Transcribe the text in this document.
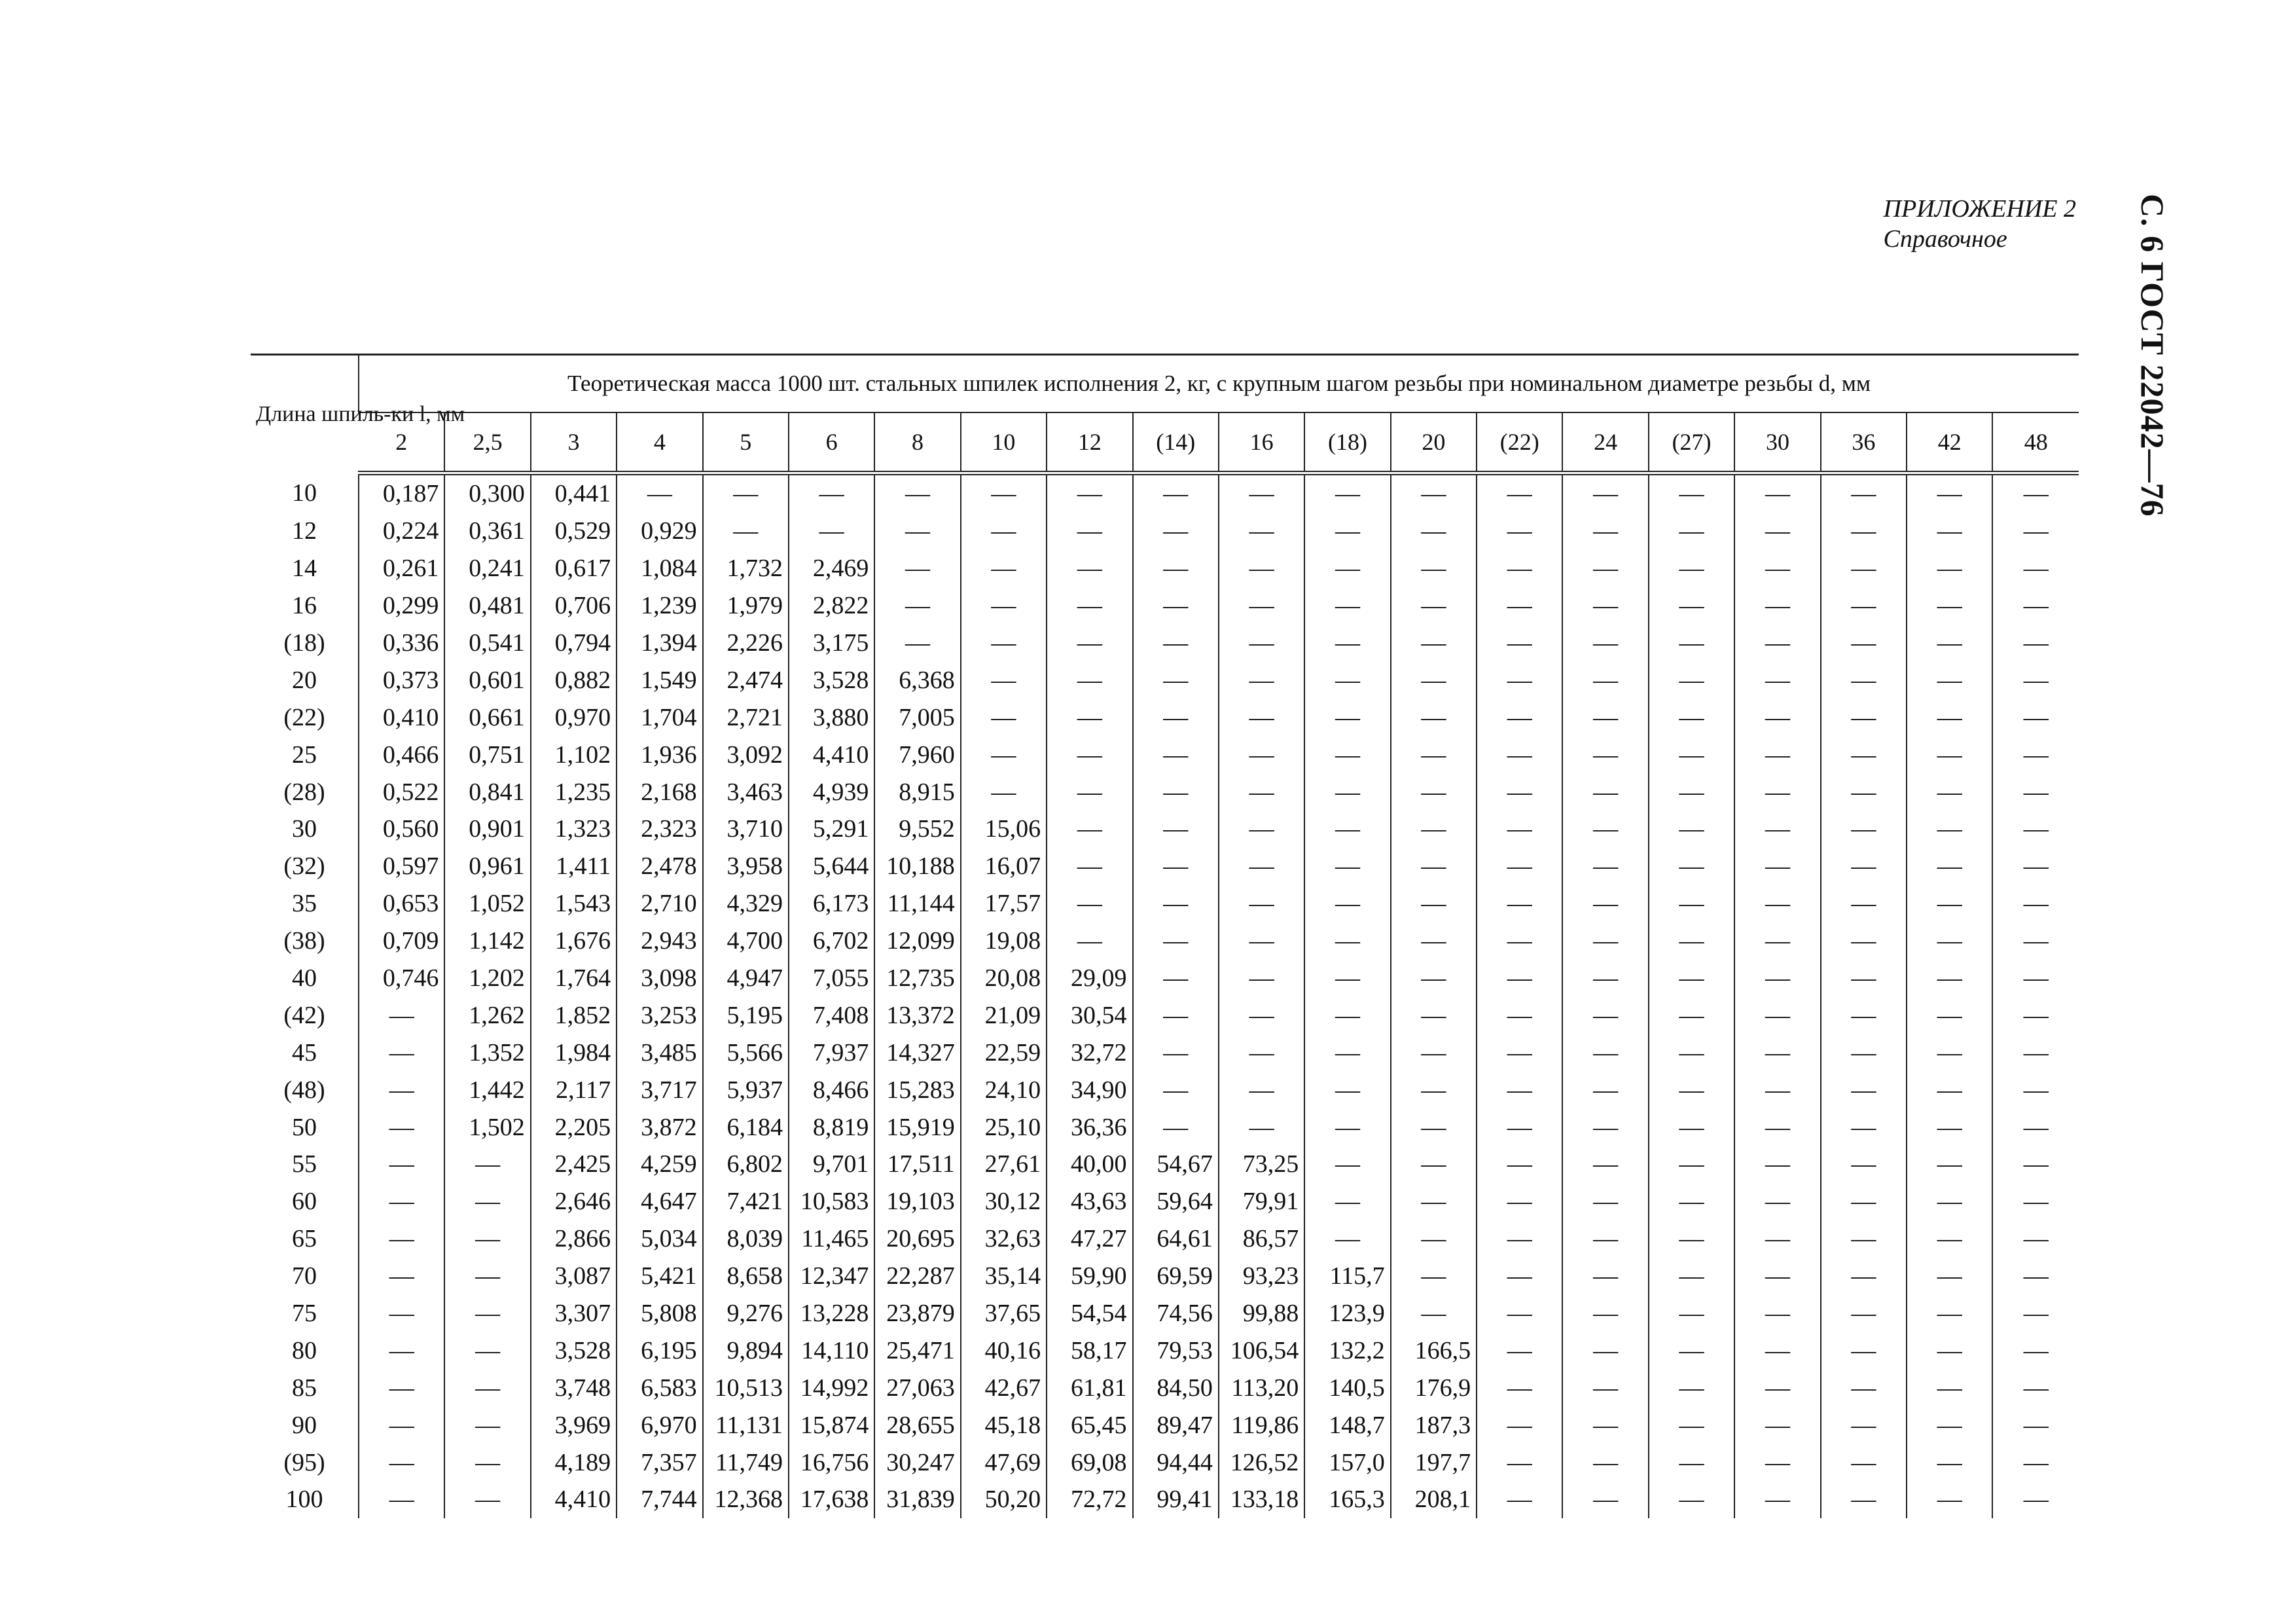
ПРИЛОЖЕНИЕ 2
Справочное	С. 6 ГОСТ 22042—76
Длина шпиль-ки l, мм	Теоретическая масса 1000 шт. стальных шпилек исполнения 2, кг, с крупным шагом резьбы при номинальном диаметре резьбы d, мм																			
	2	2,5	3	4	5	6	8	10	12	(14)	16	(18)	20	(22)	24	(27)	30	36	42	48
10	0,187	0,300	0,441	—	—	—	—	—	—	—	—	—	—	—	—	—	—	—	—	—
12	0,224	0,361	0,529	0,929	—	—	—	—	—	—	—	—	—	—	—	—	—	—	—	—
14	0,261	0,241	0,617	1,084	1,732	2,469	—	—	—	—	—	—	—	—	—	—	—	—	—	—
16	0,299	0,481	0,706	1,239	1,979	2,822	—	—	—	—	—	—	—	—	—	—	—	—	—	—
(18)	0,336	0,541	0,794	1,394	2,226	3,175	—	—	—	—	—	—	—	—	—	—	—	—	—	—
20	0,373	0,601	0,882	1,549	2,474	3,528	6,368	—	—	—	—	—	—	—	—	—	—	—	—	—
(22)	0,410	0,661	0,970	1,704	2,721	3,880	7,005	—	—	—	—	—	—	—	—	—	—	—	—	—
25	0,466	0,751	1,102	1,936	3,092	4,410	7,960	—	—	—	—	—	—	—	—	—	—	—	—	—
(28)	0,522	0,841	1,235	2,168	3,463	4,939	8,915	—	—	—	—	—	—	—	—	—	—	—	—	—
30	0,560	0,901	1,323	2,323	3,710	5,291	9,552	15,06	—	—	—	—	—	—	—	—	—	—	—	—
(32)	0,597	0,961	1,411	2,478	3,958	5,644	10,188	16,07	—	—	—	—	—	—	—	—	—	—	—	—
35	0,653	1,052	1,543	2,710	4,329	6,173	11,144	17,57	—	—	—	—	—	—	—	—	—	—	—	—
(38)	0,709	1,142	1,676	2,943	4,700	6,702	12,099	19,08	—	—	—	—	—	—	—	—	—	—	—	—
40	0,746	1,202	1,764	3,098	4,947	7,055	12,735	20,08	29,09	—	—	—	—	—	—	—	—	—	—	—
(42)	—	1,262	1,852	3,253	5,195	7,408	13,372	21,09	30,54	—	—	—	—	—	—	—	—	—	—	—
45	—	1,352	1,984	3,485	5,566	7,937	14,327	22,59	32,72	—	—	—	—	—	—	—	—	—	—	—
(48)	—	1,442	2,117	3,717	5,937	8,466	15,283	24,10	34,90	—	—	—	—	—	—	—	—	—	—	—
50	—	1,502	2,205	3,872	6,184	8,819	15,919	25,10	36,36	—	—	—	—	—	—	—	—	—	—	—
55	—	—	2,425	4,259	6,802	9,701	17,511	27,61	40,00	54,67	73,25	—	—	—	—	—	—	—	—	—
60	—	—	2,646	4,647	7,421	10,583	19,103	30,12	43,63	59,64	79,91	—	—	—	—	—	—	—	—	—
65	—	—	2,866	5,034	8,039	11,465	20,695	32,63	47,27	64,61	86,57	—	—	—	—	—	—	—	—	—
70	—	—	3,087	5,421	8,658	12,347	22,287	35,14	59,90	69,59	93,23	115,7	—	—	—	—	—	—	—	—
75	—	—	3,307	5,808	9,276	13,228	23,879	37,65	54,54	74,56	99,88	123,9	—	—	—	—	—	—	—	—
80	—	—	3,528	6,195	9,894	14,110	25,471	40,16	58,17	79,53	106,54	132,2	166,5	—	—	—	—	—	—	—
85	—	—	3,748	6,583	10,513	14,992	27,063	42,67	61,81	84,50	113,20	140,5	176,9	—	—	—	—	—	—	—
90	—	—	3,969	6,970	11,131	15,874	28,655	45,18	65,45	89,47	119,86	148,7	187,3	—	—	—	—	—	—	—
(95)	—	—	4,189	7,357	11,749	16,756	30,247	47,69	69,08	94,44	126,52	157,0	197,7	—	—	—	—	—	—	—
100	—	—	4,410	7,744	12,368	17,638	31,839	50,20	72,72	99,41	133,18	165,3	208,1	—	—	—	—	—	—	—
